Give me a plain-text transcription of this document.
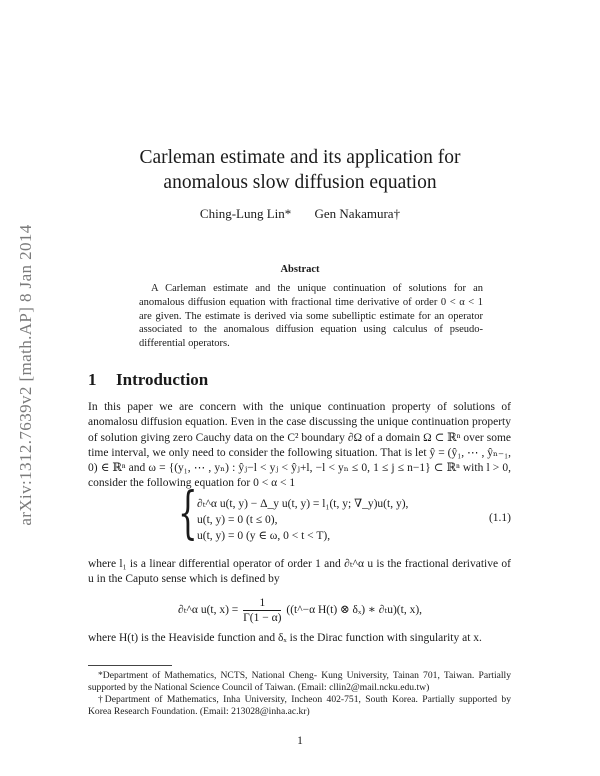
arXiv:1312.7639v2 [math.AP] 8 Jan 2014
Carleman estimate and its application for
anomalous slow diffusion equation
Ching-Lung Lin* Gen Nakamura†
Abstract

A Carleman estimate and the unique continuation of solutions for an anomalous diffusion equation with fractional time derivative of order 0 < α < 1 are given. The estimate is derived via some subelliptic estimate for an operator associated to the anomalous diffusion equation using calculus of pseudo-differential operators.

1 Introduction

In this paper we are concern with the unique continuation property of solutions of anomalosu diffusion equation. Even in the case discussing the unique continuation property of solution giving zero Cauchy data on the C² boundary ∂Ω of a domain Ω ⊂ ℝⁿ over some time interval, we only need to consider the following situation. That is let ŷ = (ŷ₁, ⋯ , ŷₙ₋₁, 0) ∈ ℝⁿ and ω = {(y₁, ⋯ , yₙ) : ŷⱼ−l < yⱼ < ŷⱼ+l, −l < yₙ ≤ 0, 1 ≤ j ≤ n−1} ⊂ ℝⁿ with l > 0, consider the following equation for 0 < α < 1

{ ∂ₜ^α u(t, y) − Δ_y u(t, y) = l₁(t, y; ∇_y)u(t, y),
u(t, y) = 0 (t ≤ 0),
u(t, y) = 0 (y ∈ ω, 0 < t < T),
(1.1)

where l₁ is a linear differential operator of order 1 and ∂ₜ^α u is the fractional derivative of u in the Caputo sense which is defined by

∂ₜ^α u(t, $x) = \frac{1}{\Gamma(1 - \alpha)}$ ((t^−α H(t) ⊗ δₓ) ∗ ∂ₜu)(t, x),

where H(t) is the Heaviside function and δₓ is the Dirac function with singularity at x.

*Department of Mathematics, NCTS, National Cheng- Kung University, Tainan 701, Taiwan. Partially supported by the National Science Council of Taiwan. (Email: cllin2@mail.ncku.edu.tw)

†Department of Mathematics, Inha University, Incheon 402-751, South Korea. Partially supported by Korea Research Foundation. (Email: 213028@inha.ac.kr)

1
